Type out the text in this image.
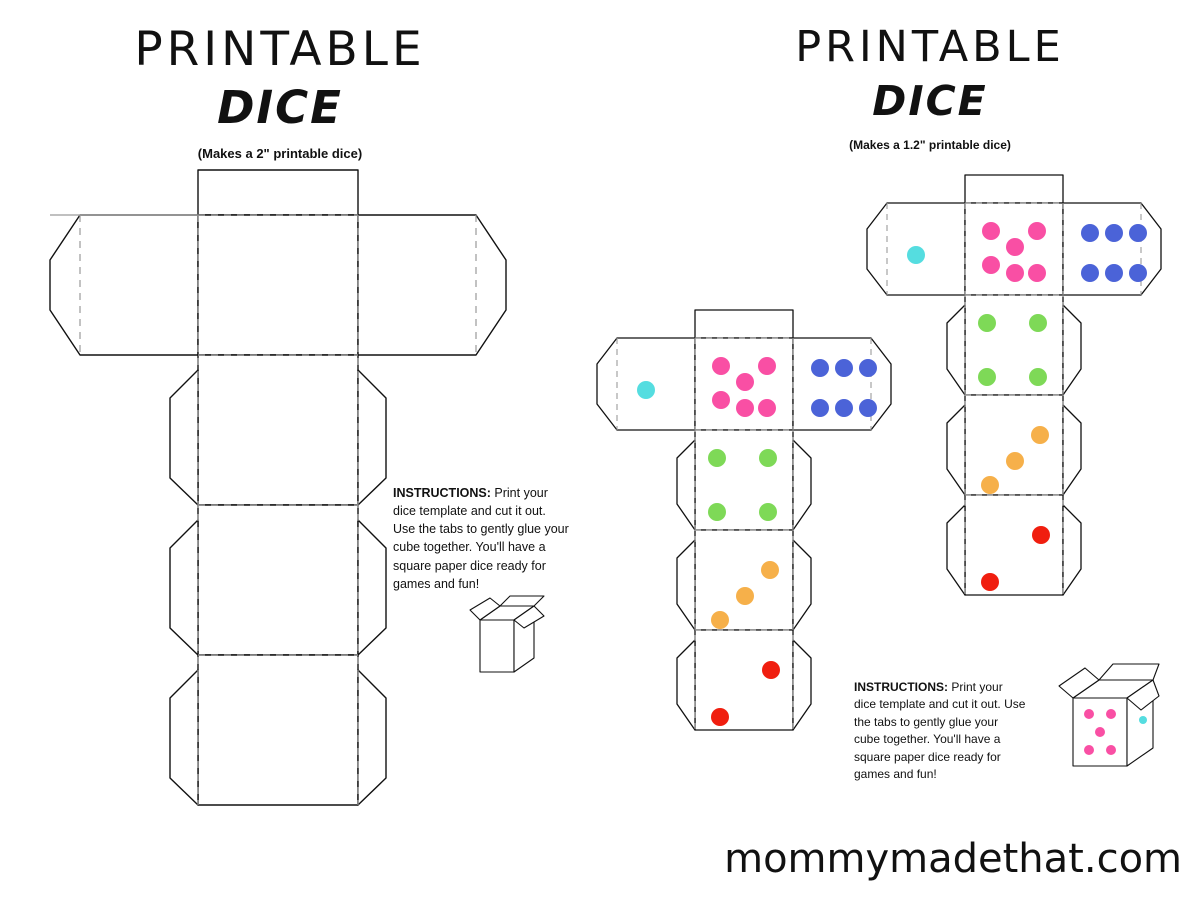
PRINTABLE
DICE
(Makes a 2" printable dice)
PRINTABLE
DICE
(Makes a 1.2" printable dice)
INSTRUCTIONS: Print your dice template and cut it out. Use the tabs to gently glue your cube together. You'll have a square paper dice ready for games and fun!
INSTRUCTIONS: Print your dice template and cut it out. Use the tabs to gently glue your cube together. You'll have a square paper dice ready for games and fun!
mommymadethat.com
